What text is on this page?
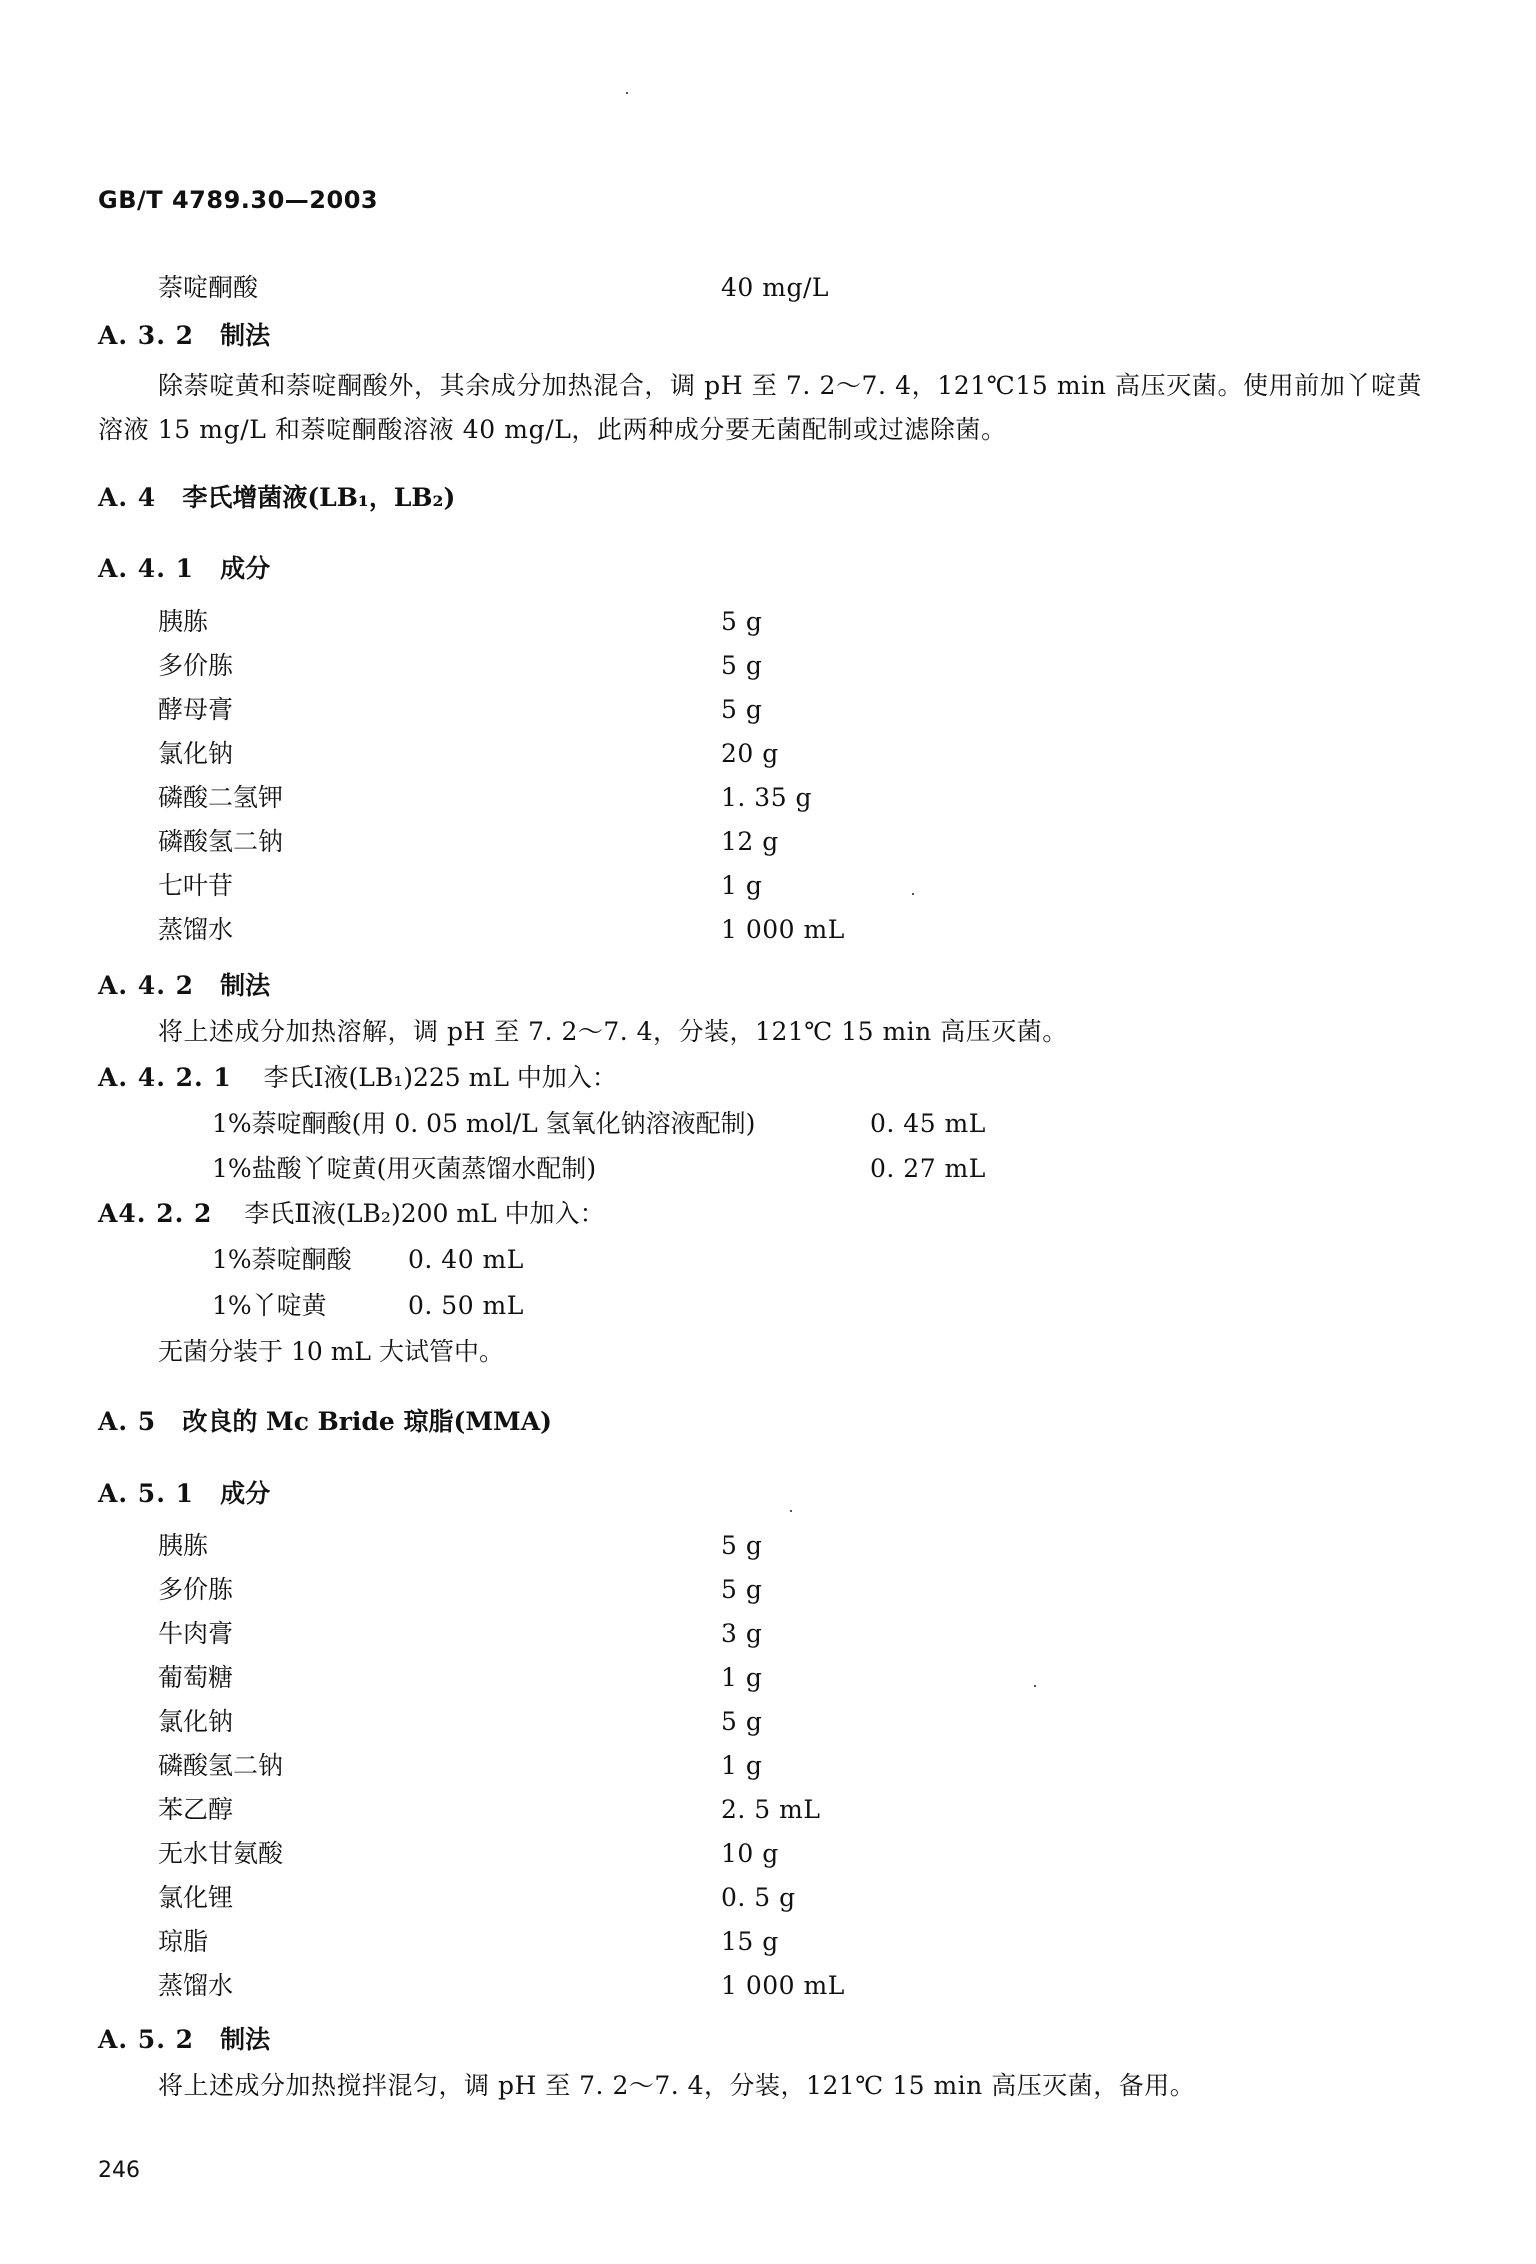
GB/T 4789.30—2003
萘啶酮酸	40 mg/L
A. 3. 2 制法
除萘啶黄和萘啶酮酸外，其余成分加热混合，调 pH 至 7. 2～7. 4，121℃15 min 高压灭菌。使用前加丫啶黄溶液 15 mg/L 和萘啶酮酸溶液 40 mg/L，此两种成分要无菌配制或过滤除菌。
A. 4 李氏增菌液(LB₁，LB₂)
A. 4. 1 成分
胰胨	5 g
多价胨	5 g
酵母膏	5 g
氯化钠	20 g
磷酸二氢钾	1. 35 g
磷酸氢二钠	12 g
七叶苷	1 g
蒸馏水	1 000 mL
A. 4. 2 制法
将上述成分加热溶解，调 pH 至 7. 2～7. 4，分装，121℃ 15 min 高压灭菌。
A. 4. 2. 1 李氏Ⅰ液(LB₁)225 mL 中加入：
1%萘啶酮酸(用 0. 05 mol/L 氢氧化钠溶液配制)	0. 45 mL
1%盐酸丫啶黄(用灭菌蒸馏水配制)	0. 27 mL
A4. 2. 2 李氏Ⅱ液(LB₂)200 mL 中加入：
1%萘啶酮酸 0. 40 mL
1%丫啶黄	0. 50 mL
无菌分装于 10 mL 大试管中。
A. 5 改良的 Mc Bride 琼脂(MMA)
A. 5. 1 成分
胰胨	5 g
多价胨	5 g
牛肉膏	3 g
葡萄糖	1 g
氯化钠	5 g
磷酸氢二钠	1 g
苯乙醇	2. 5 mL
无水甘氨酸	10 g
氯化锂	0. 5 g
琼脂	15 g
蒸馏水	1 000 mL
A. 5. 2 制法
将上述成分加热搅拌混匀，调 pH 至 7. 2～7. 4，分装，121℃ 15 min 高压灭菌，备用。
246
